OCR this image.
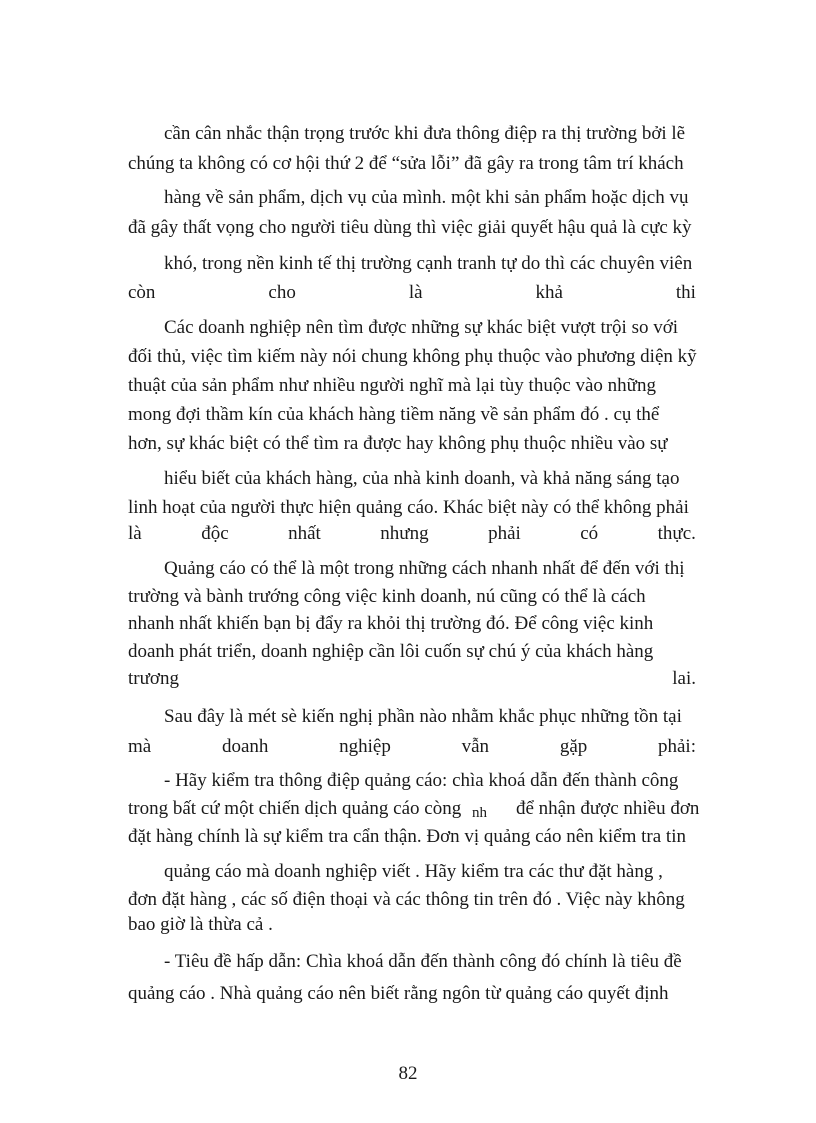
cần cân nhắc thận trọng trước khi đưa thông điệp ra thị trường bởi lẽ
chúng ta không có cơ hội thứ 2 để “sửa lỗi” đã gây ra trong tâm trí khách
hàng về sản phẩm, dịch vụ của mình. một khi sản phẩm hoặc dịch vụ
đã gây thất vọng cho người tiêu dùng thì việc giải quyết hậu quả là cực kỳ
khó, trong nền kinh tế thị trường cạnh tranh tự do thì các chuyên viên
còn	cho	là	khả	thi
Các doanh nghiệp nên tìm được những sự khác biệt vượt trội so với
đối thủ, việc tìm kiếm này nói chung không phụ thuộc vào phương diện kỹ
thuật của sản phẩm như nhiều người nghĩ mà lại tùy thuộc vào những
mong đợi thầm kín của khách hàng tiềm năng về sản phẩm đó . cụ thể
hơn, sự khác biệt có thể tìm ra được hay không phụ thuộc nhiều vào sự
hiểu biết của khách hàng, của nhà kinh doanh, và khả năng sáng tạo
linh hoạt của người thực hiện quảng cáo. Khác biệt này có thể không phải
là	độc	nhất	nhưng	phải	có	thực.
Quảng cáo có thể là một trong những cách nhanh nhất để đến với thị
trường và bành trướng công việc kinh doanh, nú cũng có thể là cách
nhanh nhất khiến bạn bị đẩy ra khỏi thị trường đó. Để công việc kinh
doanh phát triển, doanh nghiệp cần lôi cuốn sự chú ý của khách hàng
trương	lai.
Sau đây là mét sè kiến nghị phần nào nhằm khắc phục những tồn tại
mà	doanh	nghiệp	vẫn	gặp	phải:
- Hãy kiểm tra thông điệp quảng cáo: chìa khoá dẫn đến thành công
trong bất cứ một chiến dịch quảng cáo còng nh để nhận được nhiều đơn
đặt hàng chính là sự kiểm tra cẩn thận. Đơn vị quảng cáo nên kiểm tra tin
quảng cáo mà doanh nghiệp viết . Hãy kiểm tra các thư đặt hàng ,
đơn đặt hàng , các số điện thoại và các thông tin trên đó . Việc này không
bao giờ là thừa cả .
- Tiêu đề hấp dẫn: Chìa khoá dẫn đến thành công đó chính là tiêu đề
quảng cáo . Nhà quảng cáo nên biết rằng ngôn từ quảng cáo quyết định
82
